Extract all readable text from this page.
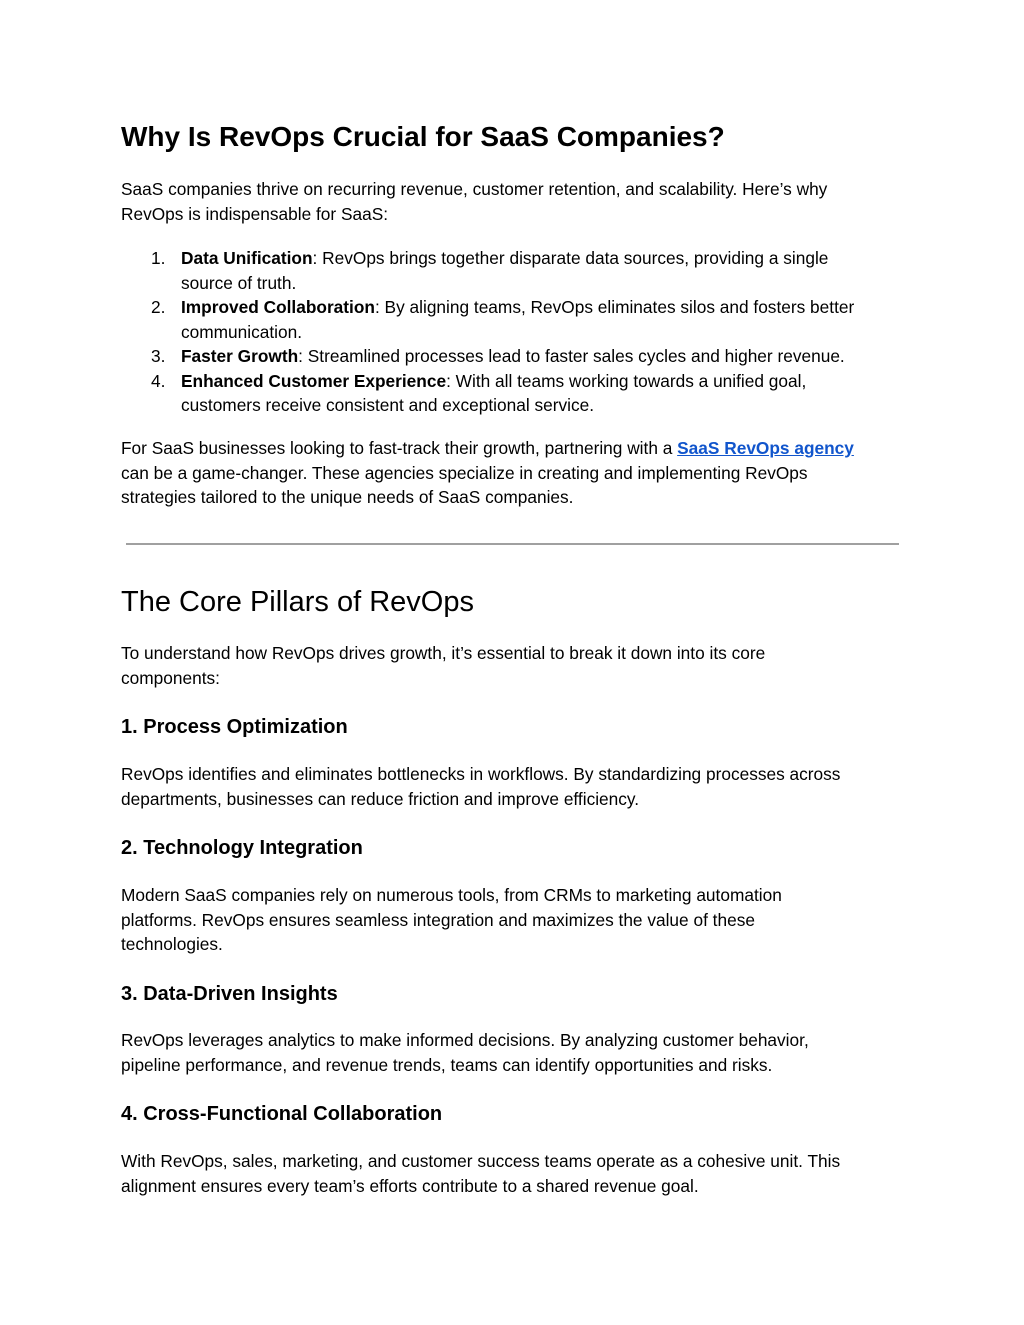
Why Is RevOps Crucial for SaaS Companies?

SaaS companies thrive on recurring revenue, customer retention, and scalability. Here’s why
RevOps is indispensable for SaaS:

1. Data Unification: RevOps brings together disparate data sources, providing a single
source of truth.
2. Improved Collaboration: By aligning teams, RevOps eliminates silos and fosters better
communication.
3. Faster Growth: Streamlined processes lead to faster sales cycles and higher revenue.
4. Enhanced Customer Experience: With all teams working towards a unified goal,
customers receive consistent and exceptional service.

For SaaS businesses looking to fast-track their growth, partnering with a SaaS RevOps agency
can be a game-changer. These agencies specialize in creating and implementing RevOps
strategies tailored to the unique needs of SaaS companies.

The Core Pillars of RevOps

To understand how RevOps drives growth, it’s essential to break it down into its core
components:

1. Process Optimization

RevOps identifies and eliminates bottlenecks in workflows. By standardizing processes across
departments, businesses can reduce friction and improve efficiency.

2. Technology Integration

Modern SaaS companies rely on numerous tools, from CRMs to marketing automation
platforms. RevOps ensures seamless integration and maximizes the value of these
technologies.

3. Data-Driven Insights

RevOps leverages analytics to make informed decisions. By analyzing customer behavior,
pipeline performance, and revenue trends, teams can identify opportunities and risks.

4. Cross-Functional Collaboration

With RevOps, sales, marketing, and customer success teams operate as a cohesive unit. This
alignment ensures every team’s efforts contribute to a shared revenue goal.
